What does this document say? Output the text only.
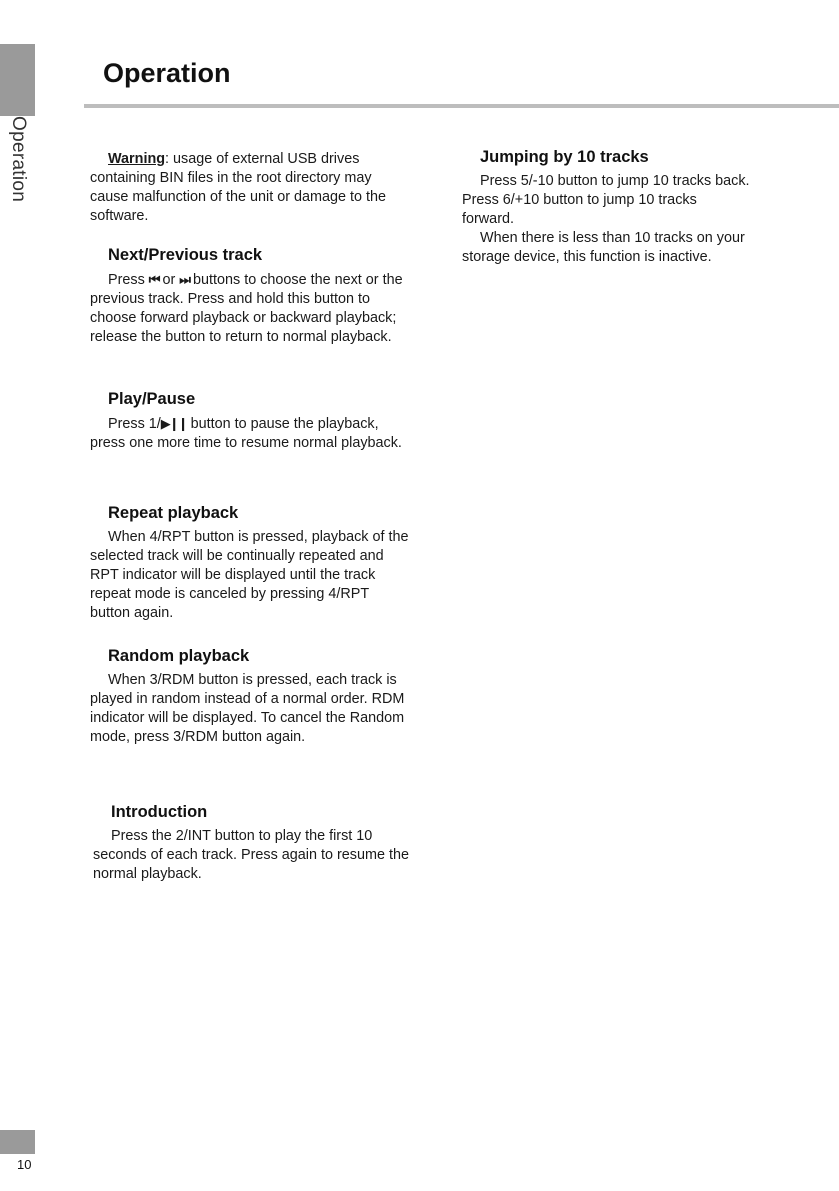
Operation
Operation

Warning: usage of external USB drives containing BIN files in the root directory may cause malfunction of the unit or damage to the software.

Next/Previous track

Press ⏮ or ⏭ buttons to choose the next or the previous track. Press and hold this button to choose forward playback or backward playback; release the button to return to normal playback.

Play/Pause

Press 1/▶❙❙ button to pause the playback, press one more time to resume normal playback.

Repeat playback

When 4/RPT button is pressed, playback of the selected track will be continually repeated and RPT indicator will be displayed until the track repeat mode is canceled by pressing 4/RPT button again.

Random playback

When 3/RDM button is pressed, each track is played in random instead of a normal order. RDM indicator will be displayed. To cancel the Random mode, press 3/RDM button again.

Introduction

Press the 2/INT button to play the first 10 seconds of each track. Press again to resume the normal playback.

Jumping by 10 tracks

Press 5/-10 button to jump 10 tracks back. Press 6/+10 button to jump 10 tracks forward.

When there is less than 10 tracks on your storage device, this function is inactive.

10
